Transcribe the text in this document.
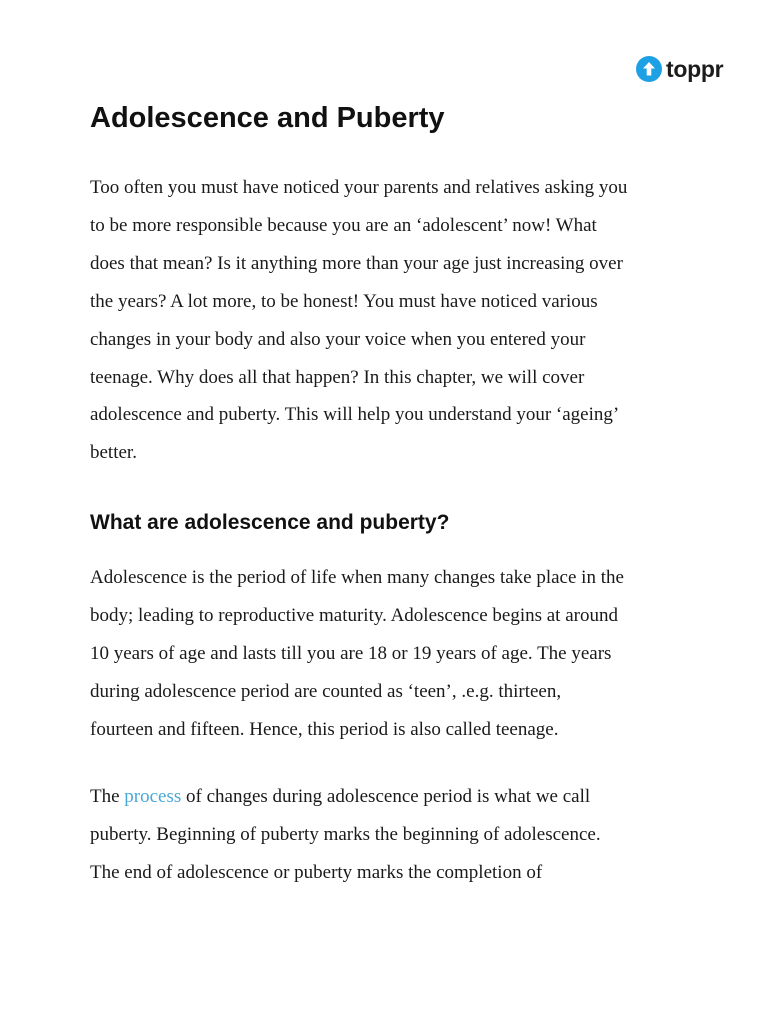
toppr
Adolescence and Puberty
Too often you must have noticed your parents and relatives asking you
to be more responsible because you are an ‘adolescent’ now! What
does that mean? Is it anything more than your age just increasing over
the years? A lot more, to be honest! You must have noticed various
changes in your body and also your voice when you entered your
teenage. Why does all that happen? In this chapter, we will cover
adolescence and puberty. This will help you understand your ‘ageing’
better.
What are adolescence and puberty?
Adolescence is the period of life when many changes take place in the
body; leading to reproductive maturity. Adolescence begins at around
10 years of age and lasts till you are 18 or 19 years of age. The years
during adolescence period are counted as ‘teen’, .e.g. thirteen,
fourteen and fifteen. Hence, this period is also called teenage.
The process of changes during adolescence period is what we call
puberty. Beginning of puberty marks the beginning of adolescence.
The end of adolescence or puberty marks the completion of
